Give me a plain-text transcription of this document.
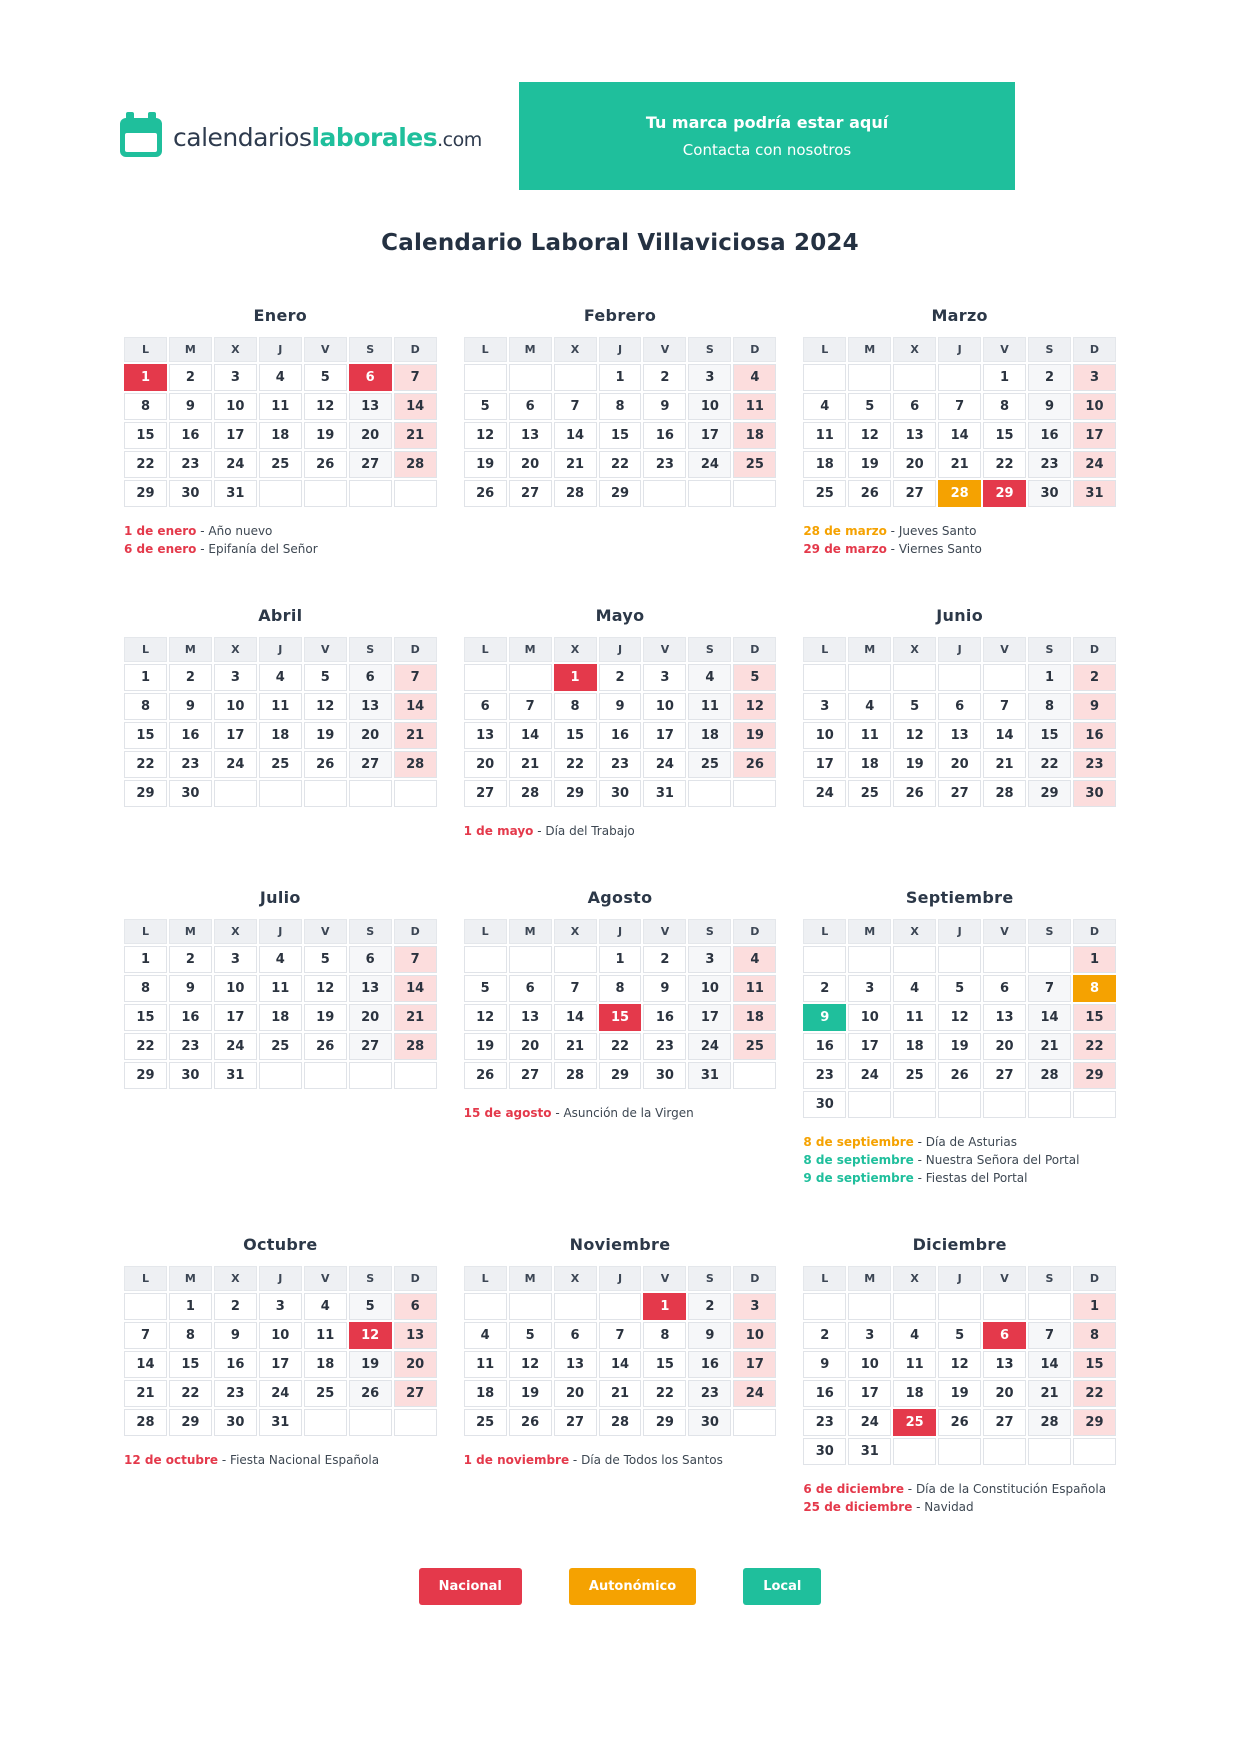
calendarioslaborales.com
Tu marca podría estar aquí
Contacta con nosotros
Calendario Laboral Villaviciosa 2024
Enero
L	M	X	J	V	S	D
1	2	3	4	5	6	7
8	9	10	11	12	13	14
15	16	17	18	19	20	21
22	23	24	25	26	27	28
29	30	31				
1 de enero - Año nuevo
6 de enero - Epifanía del Señor
Febrero
L	M	X	J	V	S	D
			1	2	3	4
5	6	7	8	9	10	11
12	13	14	15	16	17	18
19	20	21	22	23	24	25
26	27	28	29			
Marzo
L	M	X	J	V	S	D
				1	2	3
4	5	6	7	8	9	10
11	12	13	14	15	16	17
18	19	20	21	22	23	24
25	26	27	28	29	30	31
28 de marzo - Jueves Santo
29 de marzo - Viernes Santo
Abril
L	M	X	J	V	S	D
1	2	3	4	5	6	7
8	9	10	11	12	13	14
15	16	17	18	19	20	21
22	23	24	25	26	27	28
29	30					
Mayo
L	M	X	J	V	S	D
		1	2	3	4	5
6	7	8	9	10	11	12
13	14	15	16	17	18	19
20	21	22	23	24	25	26
27	28	29	30	31		
1 de mayo - Día del Trabajo
Junio
L	M	X	J	V	S	D
					1	2
3	4	5	6	7	8	9
10	11	12	13	14	15	16
17	18	19	20	21	22	23
24	25	26	27	28	29	30
Julio
L	M	X	J	V	S	D
1	2	3	4	5	6	7
8	9	10	11	12	13	14
15	16	17	18	19	20	21
22	23	24	25	26	27	28
29	30	31				
Agosto
L	M	X	J	V	S	D
			1	2	3	4
5	6	7	8	9	10	11
12	13	14	15	16	17	18
19	20	21	22	23	24	25
26	27	28	29	30	31	
15 de agosto - Asunción de la Virgen
Septiembre
L	M	X	J	V	S	D
						1
2	3	4	5	6	7	8
9	10	11	12	13	14	15
16	17	18	19	20	21	22
23	24	25	26	27	28	29
30						
8 de septiembre - Día de Asturias
8 de septiembre - Nuestra Señora del Portal
9 de septiembre - Fiestas del Portal
Octubre
L	M	X	J	V	S	D
	1	2	3	4	5	6
7	8	9	10	11	12	13
14	15	16	17	18	19	20
21	22	23	24	25	26	27
28	29	30	31			
12 de octubre - Fiesta Nacional Española
Noviembre
L	M	X	J	V	S	D
				1	2	3
4	5	6	7	8	9	10
11	12	13	14	15	16	17
18	19	20	21	22	23	24
25	26	27	28	29	30	
1 de noviembre - Día de Todos los Santos
Diciembre
L	M	X	J	V	S	D
						1
2	3	4	5	6	7	8
9	10	11	12	13	14	15
16	17	18	19	20	21	22
23	24	25	26	27	28	29
30	31					
6 de diciembre - Día de la Constitución Española
25 de diciembre - Navidad
Nacional	Autonómico	Local
